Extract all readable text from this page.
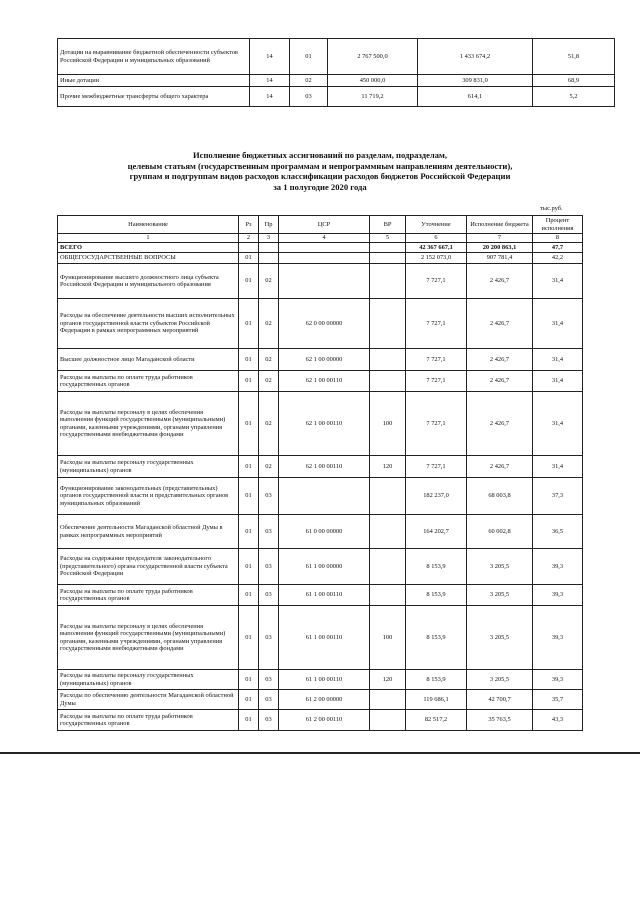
Дотации на выравнивание бюджетной обеспеченности субъектов Российской Федерации и муниципальных образований	14	01	2 767 500,0	1 433 674,2	51,8
Иные дотации	14	02	450 000,0	309 831,0	68,9
Прочие межбюджетные трансферты общего характера	14	03	11 719,2	614,1	5,2
Исполнение бюджетных ассигнований по разделам, подразделам,
целевым статьям (государственным программам и непрограммным направлениям деятельности),
группам и подгруппам видов расходов классификации расходов бюджетов Российской Федерации
за 1 полугодие 2020 года
тыс.руб.
Наименование	Рз	Пр	ЦСР	ВР	Уточнение	Исполнение бюджета	Процент исполнения
1	2	3	4	5	6	7	8
ВСЕГО					42 367 667,1	20 200 863,1	47,7
ОБЩЕГОСУДАРСТВЕННЫЕ ВОПРОСЫ	01				2 152 073,0	907 781,4	42,2
Функционирование высшего должностного лица субъекта Российской Федерации и муниципального образования	01	02			7 727,1	2 426,7	31,4
Расходы на обеспечение деятельности высших исполнительных органов государственной власти субъектов Российской Федерации в рамках непрограммных мероприятий	01	02	62 0 00 00000		7 727,1	2 426,7	31,4
Высшее должностное лицо Магаданской области	01	02	62 1 00 00000		7 727,1	2 426,7	31,4
Расходы на выплаты по оплате труда работников государственных органов	01	02	62 1 00 00110		7 727,1	2 426,7	31,4
Расходы на выплаты персоналу в целях обеспечения выполнения функций государственными (муниципальными) органами, казенными учреждениями, органами управления государственными внебюджетными фондами	01	02	62 1 00 00110	100	7 727,1	2 426,7	31,4
Расходы на выплаты персоналу государственных (муниципальных) органов	01	02	62 1 00 00110	120	7 727,1	2 426,7	31,4
Функционирование законодательных (представительных) органов государственной власти и представительных органов муниципальных образований	01	03			182 237,0	68 003,8	37,3
Обеспечение деятельности Магаданской областной Думы в рамках непрограммных мероприятий	01	03	61 0 00 00000		164 202,7	60 002,8	36,5
Расходы на содержание председателя законодательного (представительного) органа государственной власти субъекта Российской Федерации	01	03	61 1 00 00000		8 153,9	3 205,5	39,3
Расходы на выплаты по оплате труда работников государственных органов	01	03	61 1 00 00110		8 153,9	3 205,5	39,3
Расходы на выплаты персоналу в целях обеспечения выполнения функций государственными (муниципальными) органами, казенными учреждениями, органами управления государственными внебюджетными фондами	01	03	61 1 00 00110	100	8 153,9	3 205,5	39,3
Расходы на выплаты персоналу государственных (муниципальных) органов	01	03	61 1 00 00110	120	8 153,9	3 205,5	39,3
Расходы по обеспечению деятельности Магаданской областной Думы	01	03	61 2 00 00000		119 686,1	42 700,7	35,7
Расходы на выплаты по оплате труда работников государственных органов	01	03	61 2 00 00110		82 517,2	35 763,5	43,3
